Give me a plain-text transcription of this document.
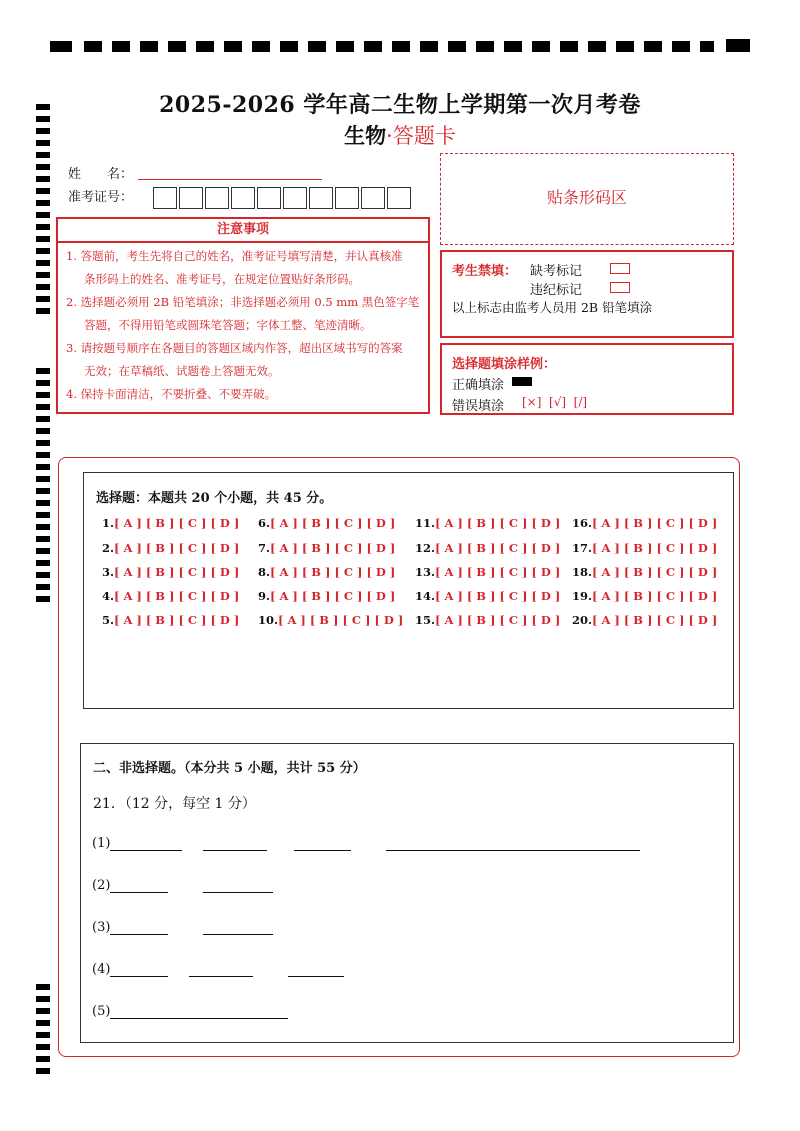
2025-2026 学年高二生物上学期第一次月考卷
生物·答题卡
姓　　名：
准考证号：	贴条形码区
注意事项
1. 答题前，考生先将自己的姓名，准考证号填写清楚，并认真核准
条形码上的姓名、准考证号，在规定位置贴好条形码。
2. 选择题必须用 2B 铅笔填涂；非选择题必须用 0.5 mm 黑色签字笔
答题，不得用铅笔或圆珠笔答题；字体工整、笔迹清晰。
3. 请按题号顺序在各题目的答题区域内作答，超出区域书写的答案
无效；在草稿纸、试题卷上答题无效。
4. 保持卡面清洁，不要折叠、不要弄破。
考生禁填： 缺考标记
违纪标记
以上标志由监考人员用 2B 铅笔填涂
选择题填涂样例：
正确填涂
错误填涂 [×]  [√]  [/]
选择题：本题共 20 个小题，共 45 分。
1.[ A ] [ B ] [ C ] [ D ]
2.[ A ] [ B ] [ C ] [ D ]
3.[ A ] [ B ] [ C ] [ D ]
4.[ A ] [ B ] [ C ] [ D ]
5.[ A ] [ B ] [ C ] [ D ]
6.[ A ] [ B ] [ C ] [ D ]
7.[ A ] [ B ] [ C ] [ D ]
8.[ A ] [ B ] [ C ] [ D ]
9.[ A ] [ B ] [ C ] [ D ]
10.[ A ] [ B ] [ C ] [ D ]
11.[ A ] [ B ] [ C ] [ D ]
12.[ A ] [ B ] [ C ] [ D ]
13.[ A ] [ B ] [ C ] [ D ]
14.[ A ] [ B ] [ C ] [ D ]
15.[ A ] [ B ] [ C ] [ D ]
16.[ A ] [ B ] [ C ] [ D ]
17.[ A ] [ B ] [ C ] [ D ]
18.[ A ] [ B ] [ C ] [ D ]
19.[ A ] [ B ] [ C ] [ D ]
20.[ A ] [ B ] [ C ] [ D ]
二、非选择题。（本分共 5 小题，共计 55 分）
21．（12 分，每空 1 分）
(1)
(2)
(3)
(4)
(5)
